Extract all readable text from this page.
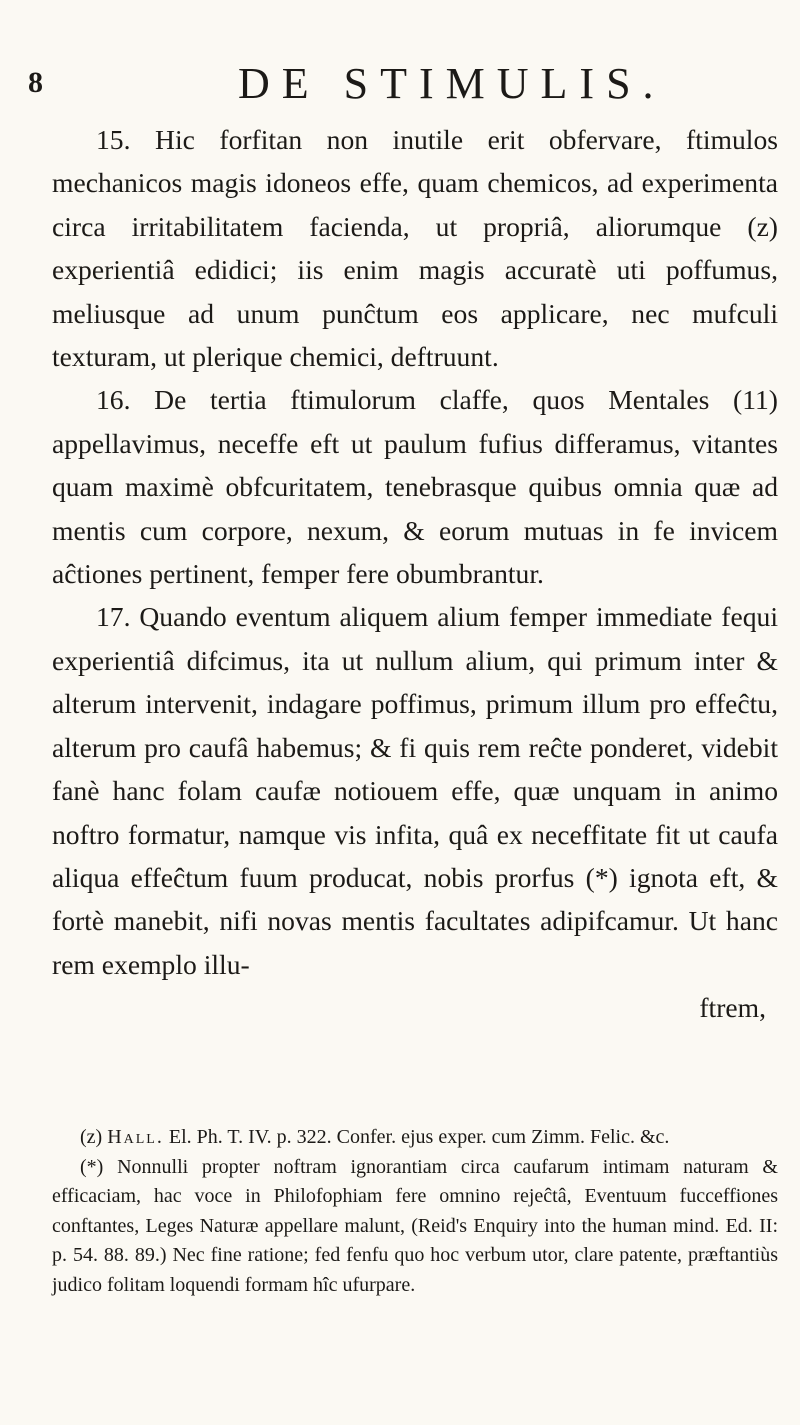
8	DE STIMULIS.

15. Hic forfitan non inutile erit obfervare, ftimulos mechanicos magis idoneos effe, quam chemicos, ad experimenta circa irritabilitatem facienda, ut propriâ, aliorumque (z) experientiâ edidici; iis enim magis accuratè uti poffumus, meliusque ad unum punĉtum eos applicare, nec mufculi texturam, ut plerique chemici, deftruunt.

16. De tertia ftimulorum claffe, quos Mentales (11) appellavimus, neceffe eft ut paulum fufius differamus, vitantes quam maximè obfcuritatem, tenebrasque quibus omnia quæ ad mentis cum corpore, nexum, & eorum mutuas in fe invicem aĉtiones pertinent, femper fere obumbrantur.

17. Quando eventum aliquem alium femper immediate fequi experientiâ difcimus, ita ut nullum alium, qui primum inter & alterum intervenit, indagare poffimus, primum illum pro effeĉtu, alterum pro caufâ habemus; & fi quis rem reĉte ponderet, videbit fanè hanc folam caufæ notiouem effe, quæ unquam in animo noftro formatur, namque vis infita, quâ ex neceffitate fit ut caufa aliqua effeĉtum fuum producat, nobis prorfus (*) ignota eft, & fortè manebit, nifi novas mentis facultates adipifcamur. Ut hanc rem exemplo illu-

ftrem,

(z) Hall. El. Ph. T. IV. p. 322. Confer. ejus exper. cum Zimm. Felic. &c.

(*) Nonnulli propter noftram ignorantiam circa caufarum intimam naturam & efficaciam, hac voce in Philofophiam fere omnino rejeĉtâ, Eventuum fucceffiones conftantes, Leges Naturæ appellare malunt, (Reid's Enquiry into the human mind. Ed. II: p. 54. 88. 89.) Nec fine ratione; fed fenfu quo hoc verbum utor, clare patente, præftantiùs judico folitam loquendi formam hîc ufurpare.
